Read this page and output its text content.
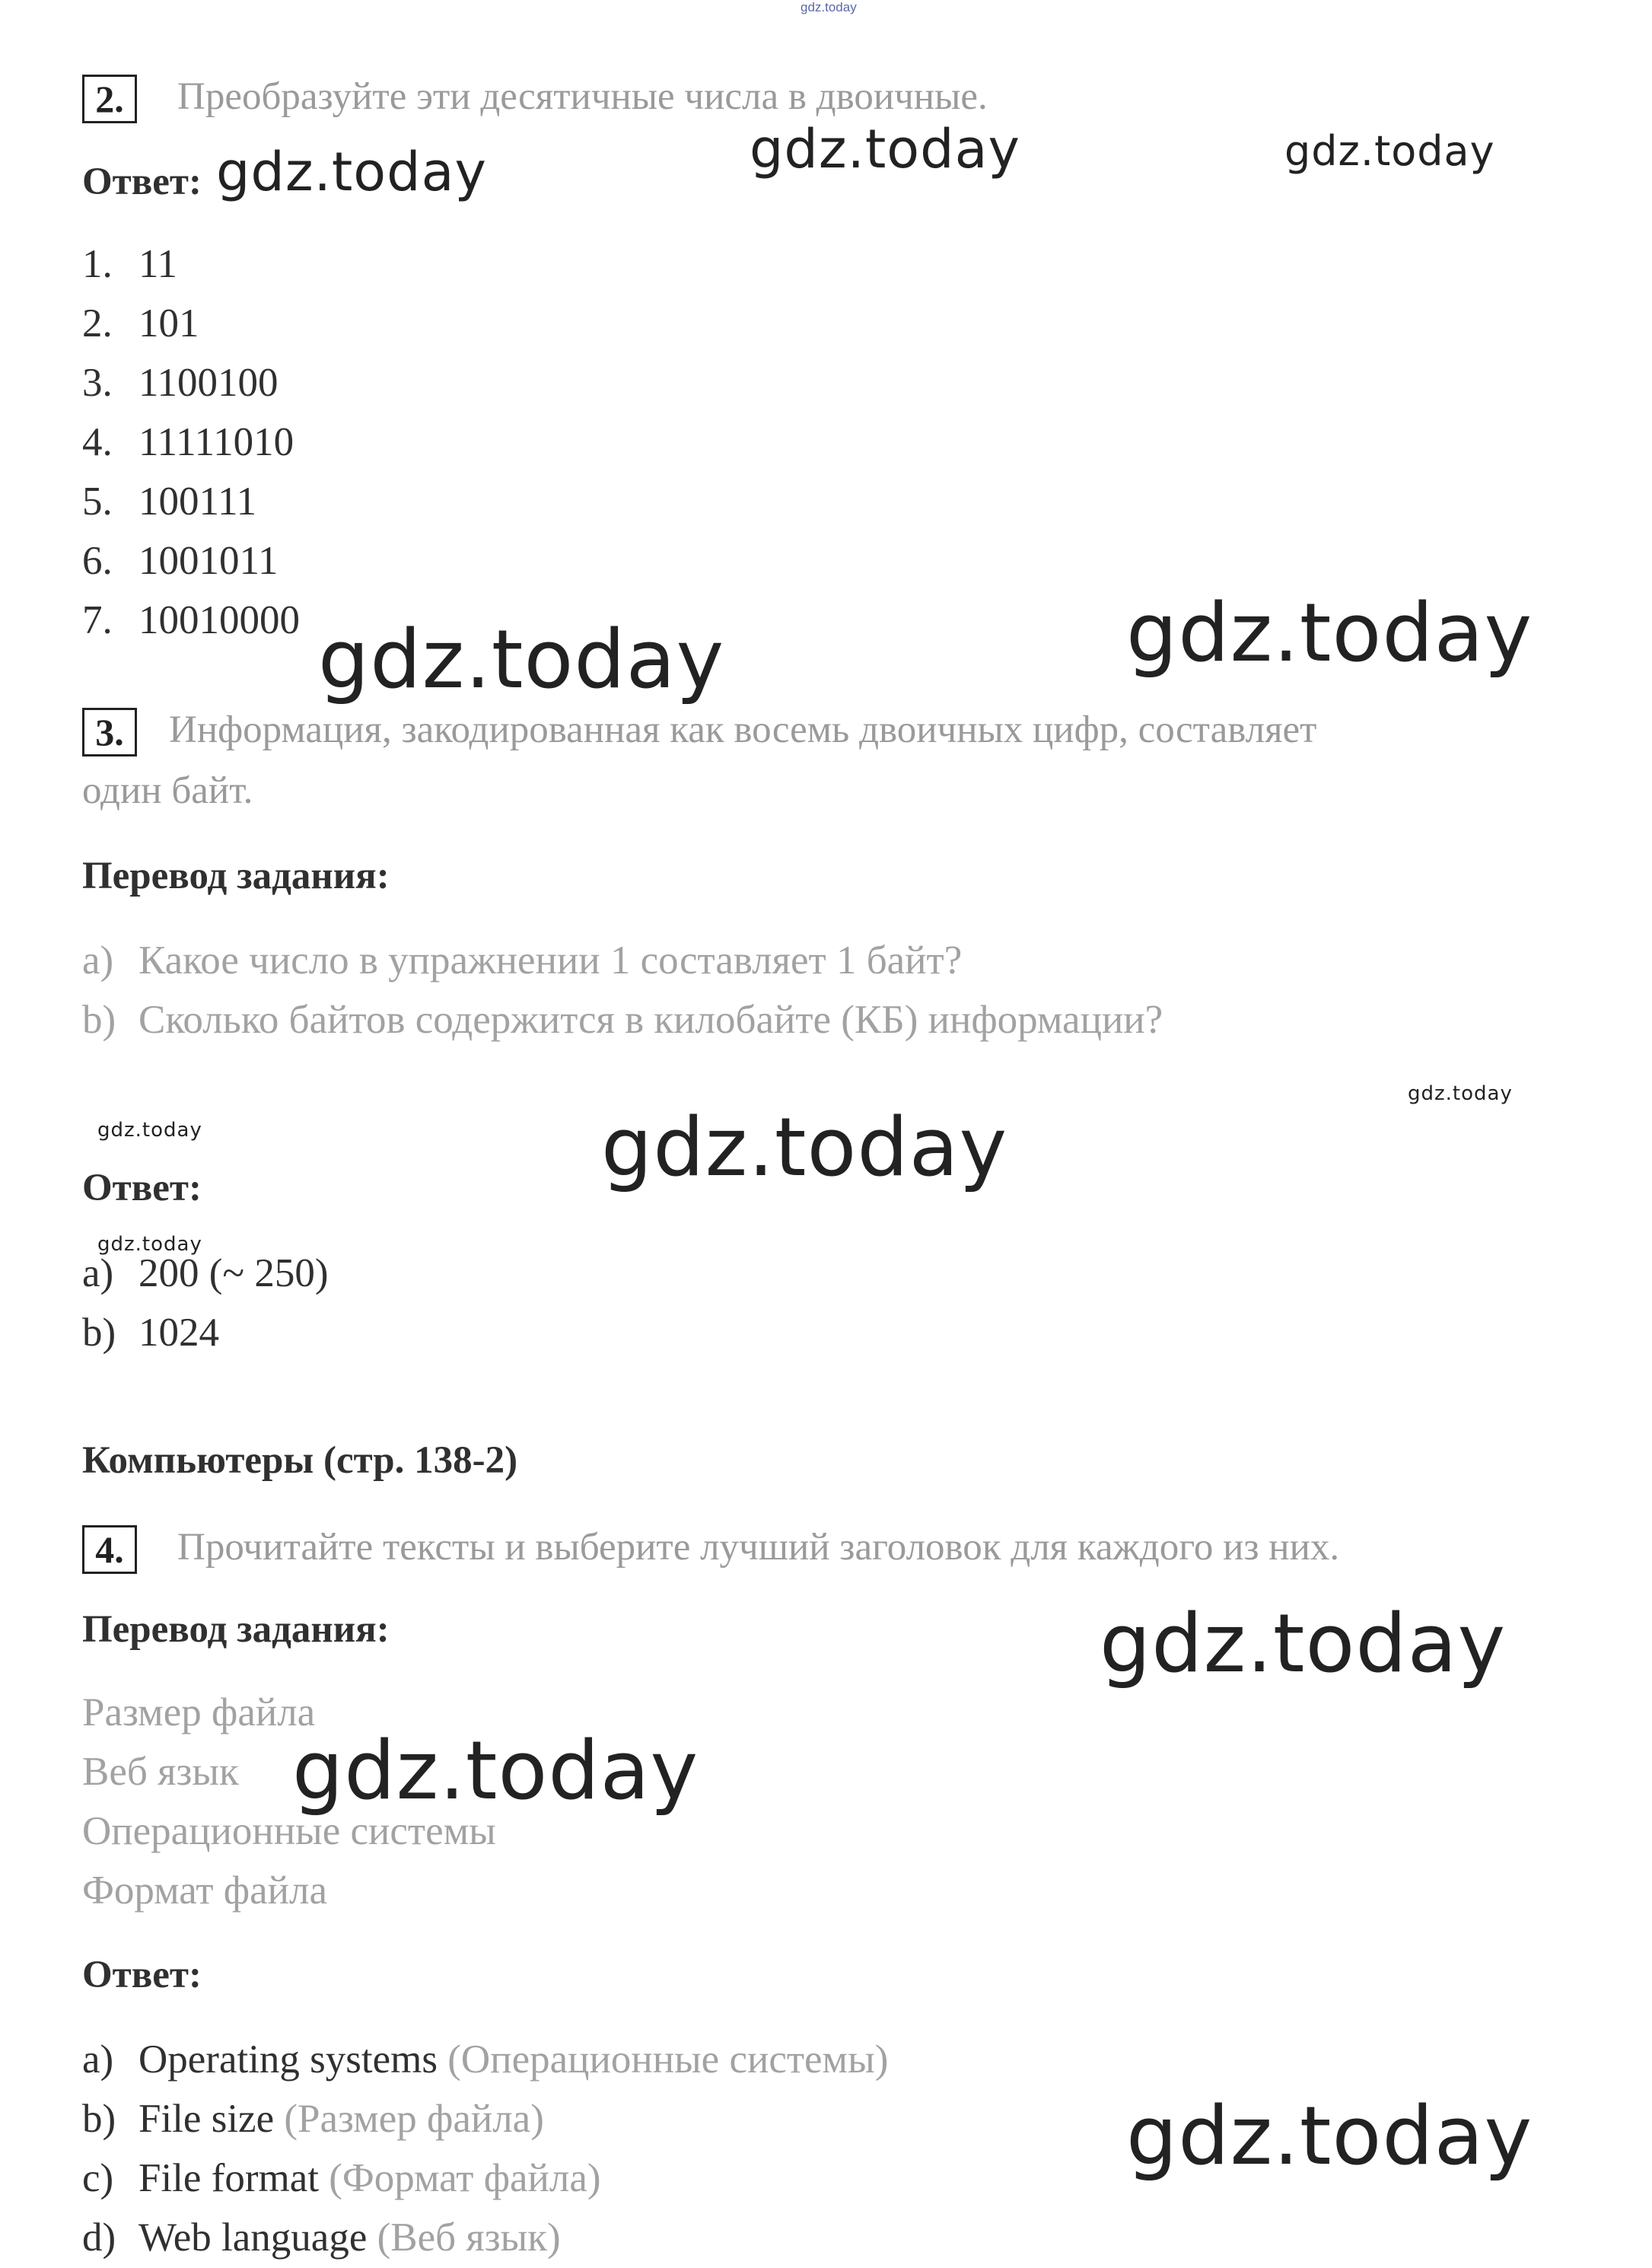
gdz.today
2.	Преобразуйте эти десятичные числа в двоичные.
Ответ: gdz.today	gdz.today	gdz.today
1. 11
2. 101
3. 1100100
4. 11111010
5. 100111
6. 1001011
7. 10010000 gdz.today	gdz.today
3.	Информация, закодированная как восемь двоичных цифр, составляет
один байт.
Перевод задания:
a) Какое число в упражнении 1 составляет 1 байт?
b) Сколько байтов содержится в килобайте (КБ) информации?
gdz.today
gdz.today	gdz.today
Ответ:
gdz.today
a) 200 (~ 250)
b) 1024
Компьютеры (стр. 138-2)
4.	Прочитайте тексты и выберите лучший заголовок для каждого из них.
Перевод задания:	gdz.today
Размер файла
Веб язык
Операционные системы
Формат файла
gdz.today
Ответ:
a) Operating systems (Операционные системы)
b) File size (Размер файла)
c) File format (Формат файла)
d) Web language (Веб язык)
gdz.today
